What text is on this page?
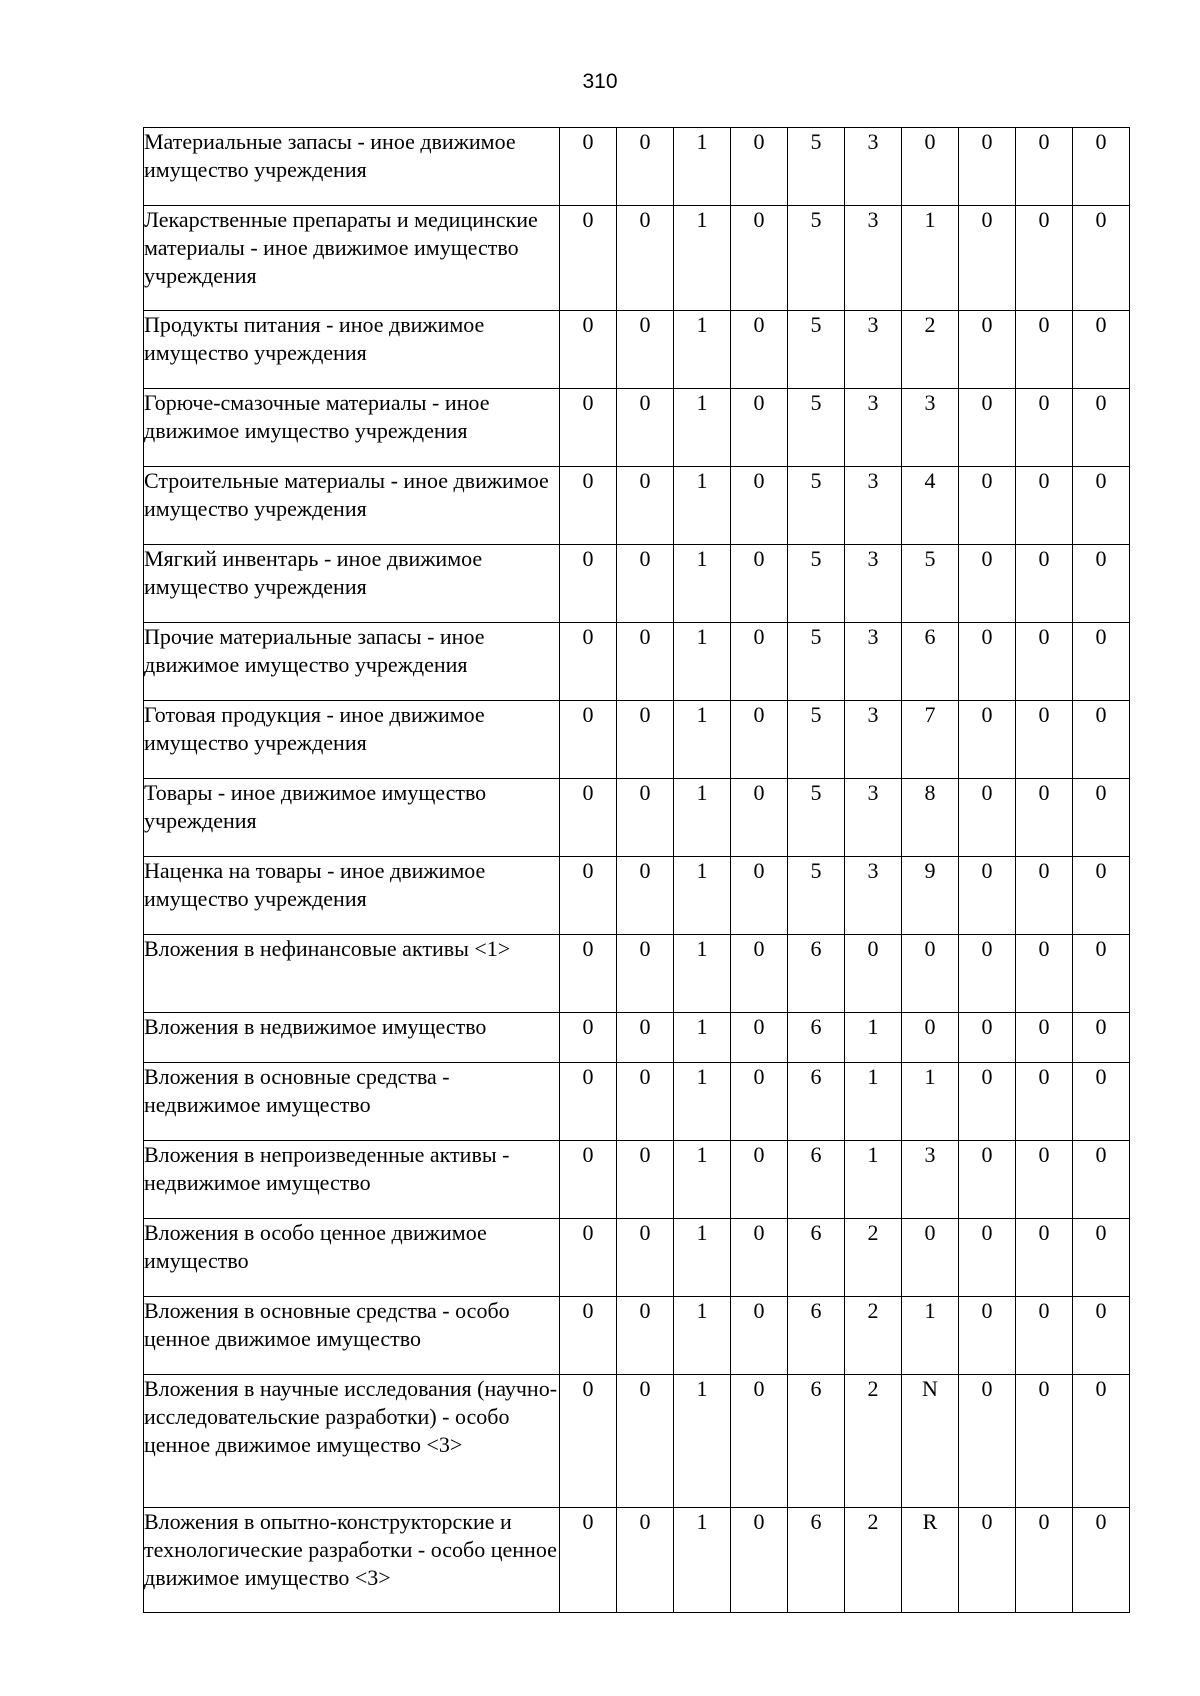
310
Материальные запасы - иное движимое имущество учреждения	0	0	1	0	5	3	0	0	0	0
Лекарственные препараты и медицинские материалы - иное движимое имущество учреждения	0	0	1	0	5	3	1	0	0	0
Продукты питания - иное движимое имущество учреждения	0	0	1	0	5	3	2	0	0	0
Горюче-смазочные материалы - иное движимое имущество учреждения	0	0	1	0	5	3	3	0	0	0
Строительные материалы - иное движимое имущество учреждения	0	0	1	0	5	3	4	0	0	0
Мягкий инвентарь - иное движимое имущество учреждения	0	0	1	0	5	3	5	0	0	0
Прочие материальные запасы - иное движимое имущество учреждения	0	0	1	0	5	3	6	0	0	0
Готовая продукция - иное движимое имущество учреждения	0	0	1	0	5	3	7	0	0	0
Товары - иное движимое имущество учреждения	0	0	1	0	5	3	8	0	0	0
Наценка на товары - иное движимое имущество учреждения	0	0	1	0	5	3	9	0	0	0
Вложения в нефинансовые активы <1>	0	0	1	0	6	0	0	0	0	0
Вложения в недвижимое имущество	0	0	1	0	6	1	0	0	0	0
Вложения в основные средства - недвижимое имущество	0	0	1	0	6	1	1	0	0	0
Вложения в непроизведенные активы - недвижимое имущество	0	0	1	0	6	1	3	0	0	0
Вложения в особо ценное движимое имущество	0	0	1	0	6	2	0	0	0	0
Вложения в основные средства - особо ценное движимое имущество	0	0	1	0	6	2	1	0	0	0
Вложения в научные исследования (научно-исследовательские разработки) - особо ценное движимое имущество <3>	0	0	1	0	6	2	N	0	0	0
Вложения в опытно-конструкторские и технологические разработки - особо ценное движимое имущество <3>	0	0	1	0	6	2	R	0	0	0
